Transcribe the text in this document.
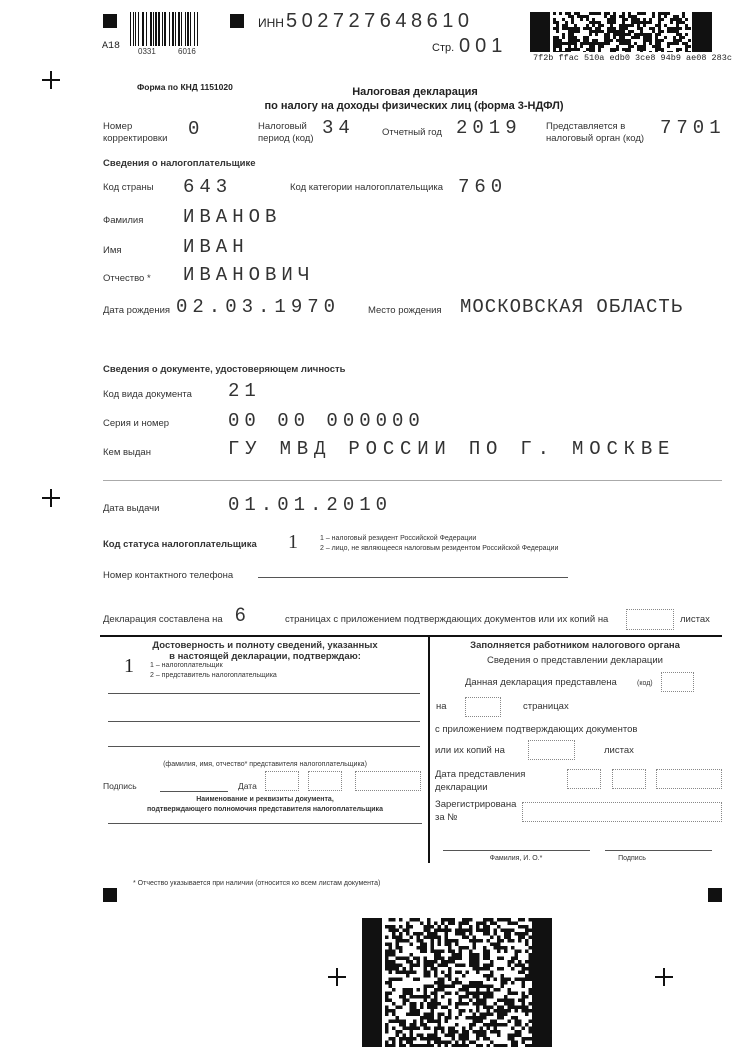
A18 0331	6016
ИНН 502727648610
Стр. 001
7f2b ffac 510a edb0 3ce8 94b9 ae08 283c
Форма по КНД 1151020	Налоговая декларация
по налогу на доходы физических лиц (форма 3-НДФЛ)
Номер
корректировки 0	Налоговый
период (код) 34	Отчетный год 2019	Представляется в
налоговый орган (код) 7701
Сведения о налогоплательщике
Код страны 643	Код категории налогоплательщика 760
Фамилия ИВАНОВ
Имя	ИВАН
Отчество * ИВАНОВИЧ
Дата рождения 02.03.1970	Место рождения МОСКОВСКАЯ ОБЛАСТЬ
Сведения о документе, удостоверяющем личность
Код вида документа 21
Серия и номер	00 00 000000
Кем выдан	ГУ МВД РОССИИ ПО Г. МОСКВЕ
Дата выдачи	01.01.2010
Код статуса налогоплательщика 1 1 – налоговый резидент Российской Федерации
2 – лицо, не являющееся налоговым резидентом Российской Федерации
Номер контактного телефона
Декларация составлена на 6	страницах с приложением подтверждающих документов или их копий на	листах
Достоверность и полноту сведений, указанных
в настоящей декларации, подтверждаю:
1 1 – налогоплательщик
2 – представитель налогоплательщика
(фамилия, имя, отчество* представителя налогоплательщика)
Подпись	Дата
Наименование и реквизиты документа,
подтверждающего полномочия представителя налогоплательщика
Заполняется работником налогового органа
Сведения о представлении декларации
Данная декларация представлена	(код)
на	страницах
с приложением подтверждающих документов
или их копий на	листах
Дата представления
декларации
Зарегистрирована
за №
Фамилия, И. О.*	Подпись
* Отчество указывается при наличии (относится ко всем листам документа)
